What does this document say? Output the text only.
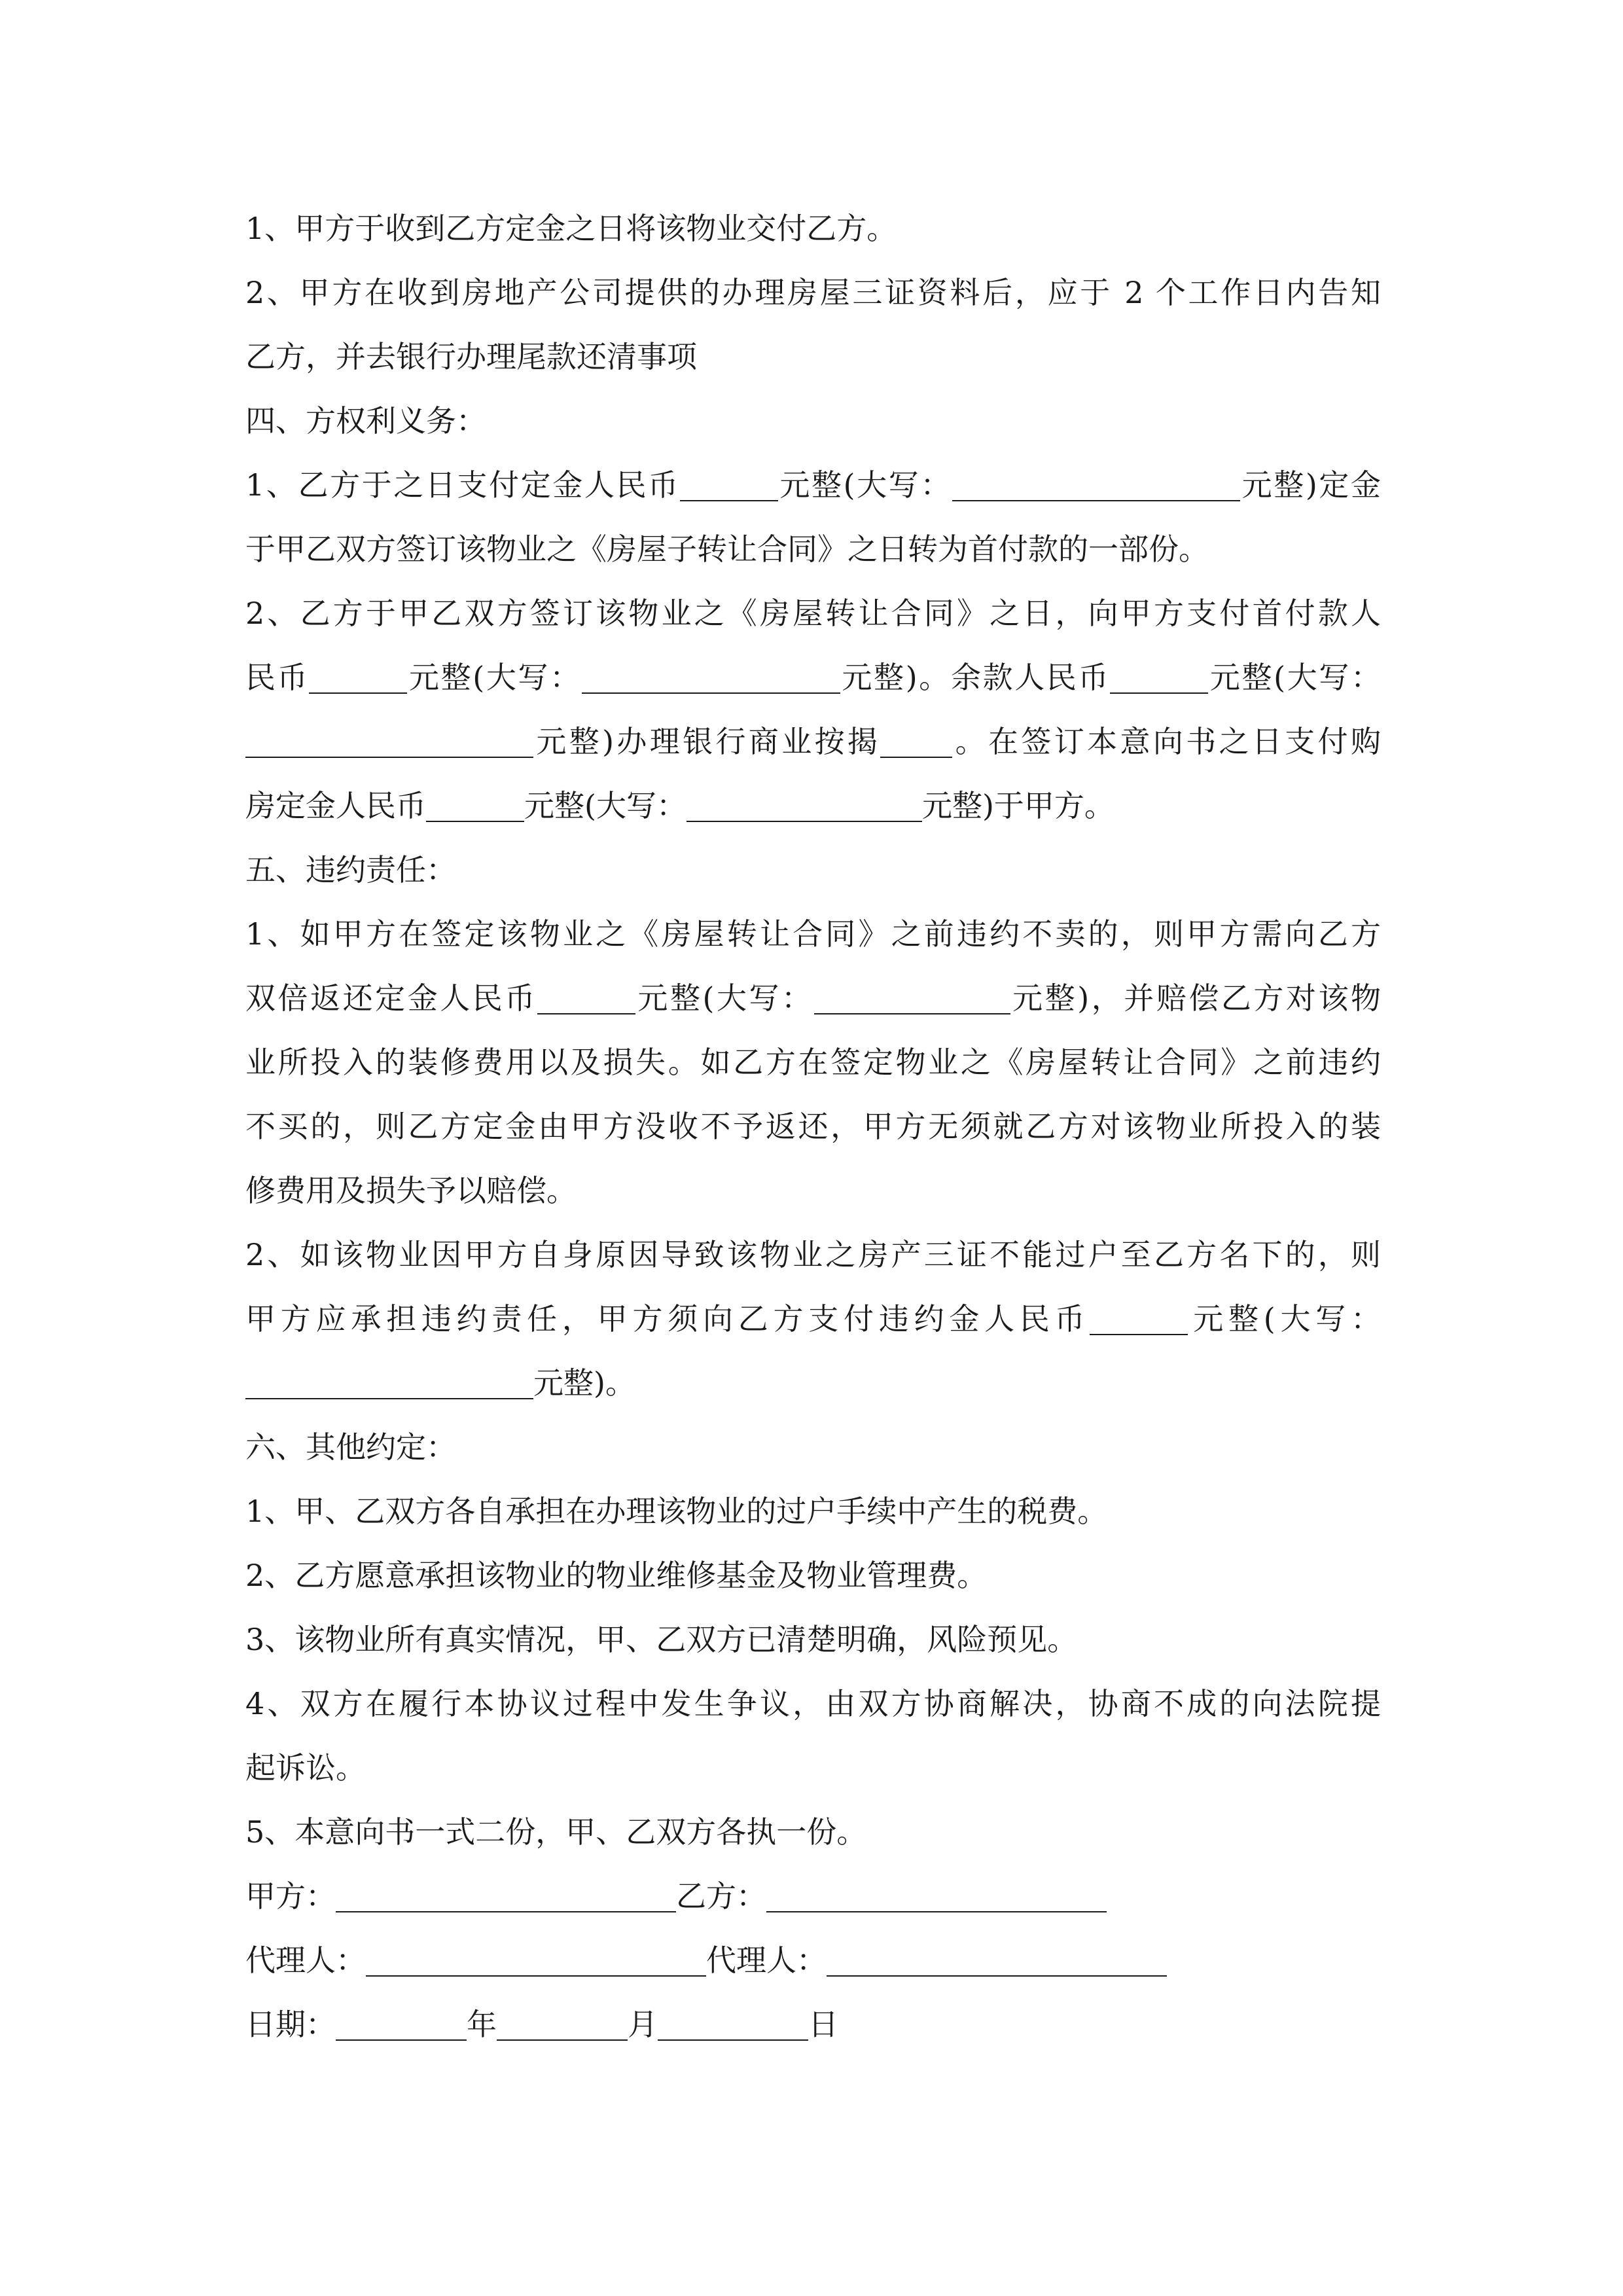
1、甲方于收到乙方定金之日将该物业交付乙方。
2、甲方在收到房地产公司提供的办理房屋三证资料后，应于 2 个工作日内告知
乙方，并去银行办理尾款还清事项
四、方权利义务：
1、乙方于之日支付定金人民币	元整(大写：	元整)定金
于甲乙双方签订该物业之《房屋子转让合同》之日转为首付款的一部份。
2、乙方于甲乙双方签订该物业之《房屋转让合同》之日，向甲方支付首付款人
民币	元整(大写：	元整)。余款人民币	元整(大写：
元整)办理银行商业按揭 。在签订本意向书之日支付购
房定金人民币	元整(大写：	元整)于甲方。
五、违约责任：
1、如甲方在签定该物业之《房屋转让合同》之前违约不卖的，则甲方需向乙方
双倍返还定金人民币	元整(大写：	元整)，并赔偿乙方对该物
业所投入的装修费用以及损失。如乙方在签定物业之《房屋转让合同》之前违约
不买的，则乙方定金由甲方没收不予返还，甲方无须就乙方对该物业所投入的装
修费用及损失予以赔偿。
2、如该物业因甲方自身原因导致该物业之房产三证不能过户至乙方名下的，则
甲方应承担违约责任，甲方须向乙方支付违约金人民币	元整(大写：
元整)。
六、其他约定：
1、甲、乙双方各自承担在办理该物业的过户手续中产生的税费。
2、乙方愿意承担该物业的物业维修基金及物业管理费。
3、该物业所有真实情况，甲、乙双方已清楚明确，风险预见。
4、双方在履行本协议过程中发生争议，由双方协商解决，协商不成的向法院提
起诉讼。
5、本意向书一式二份，甲、乙双方各执一份。
甲方：	乙方：
代理人：	代理人：
日期：	年	月	日
